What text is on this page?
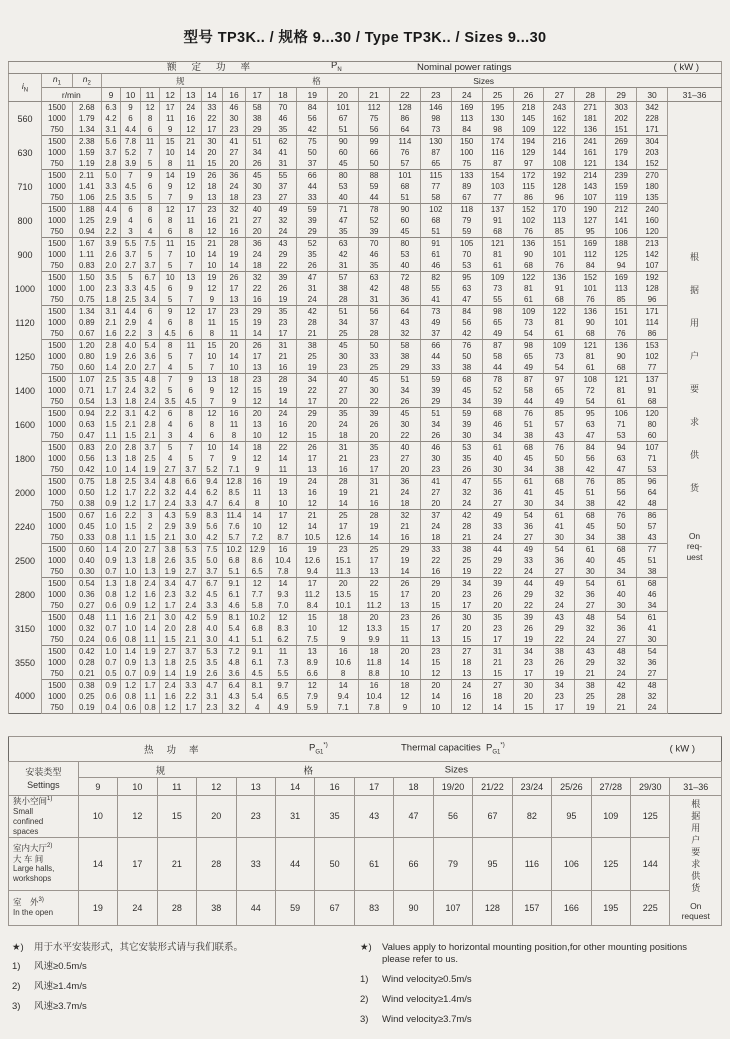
型号 TP3K.. / 规格 9...30 / Type TP3K.. / Sizes 9...30
额定功率 $P_N$ Nominal power ratings ( kW )																								

$i_N$	$n_1$	$n_2$	规 格 Sizes																					

	r/min		9	10	11	12	13	14	16	17	18	19	20	21	22	23	24	25	26	27	28	29	30	31–36
560	1500	2.68	6.3	9	12	17	24	33	46	58	70	84	101	112	128	146	169	195	218	243	271	303	342	
根
据
用
户
要
求
供
货
On
req-
uest

	1000	1.79	4.2	6	8	11	16	22	30	38	46	56	67	75	86	98	113	130	145	162	181	202	228	
	750	1.34	3.1	4.4	6	9	12	17	23	29	35	42	51	56	64	73	84	98	109	122	136	151	171	
630	1500	2.38	5.6	7.8	11	15	21	30	41	51	62	75	90	99	114	130	150	174	194	216	241	269	304	
	1000	1.59	3.7	5.2	7	10	14	20	27	34	41	50	60	66	76	87	100	116	129	144	161	179	203	
	750	1.19	2.8	3.9	5	8	11	15	20	26	31	37	45	50	57	65	75	87	97	108	121	134	152	
710	1500	2.11	5.0	7	9	14	19	26	36	45	55	66	80	88	101	115	133	154	172	192	214	239	270	
	1000	1.41	3.3	4.5	6	9	12	18	24	30	37	44	53	59	68	77	89	103	115	128	143	159	180	
	750	1.06	2.5	3.5	5	7	9	13	18	23	27	33	40	44	51	58	67	77	86	96	107	119	135	
800	1500	1.88	4.4	6	8	12	17	23	32	40	49	59	71	78	90	102	118	137	152	170	190	212	240	
	1000	1.25	2.9	4	6	8	11	16	21	27	32	39	47	52	60	68	79	91	102	113	127	141	160	
	750	0.94	2.2	3	4	6	8	12	16	20	24	29	35	39	45	51	59	68	76	85	95	106	120	
900	1500	1.67	3.9	5.5	7.5	11	15	21	28	36	43	52	63	70	80	91	105	121	136	151	169	188	213	
	1000	1.11	2.6	3.7	5	7	10	14	19	24	29	35	42	46	53	61	70	81	90	101	112	125	142	
	750	0.83	2.0	2.7	3.7	5	7	10	14	18	22	26	31	35	40	46	53	61	68	76	84	94	107	
1000	1500	1.50	3.5	5	6.7	10	13	19	26	32	39	47	57	63	72	82	95	109	122	136	152	169	192	
	1000	1.00	2.3	3.3	4.5	6	9	12	17	22	26	31	38	42	48	55	63	73	81	91	101	113	128	
	750	0.75	1.8	2.5	3.4	5	7	9	13	16	19	24	28	31	36	41	47	55	61	68	76	85	96	
1120	1500	1.34	3.1	4.4	6	9	12	17	23	29	35	42	51	56	64	73	84	98	109	122	136	151	171	
	1000	0.89	2.1	2.9	4	6	8	11	15	19	23	28	34	37	43	49	56	65	73	81	90	101	114	
	750	0.67	1.6	2.2	3	4.5	6	8	11	14	17	21	25	28	32	37	42	49	54	61	68	76	86	
1250	1500	1.20	2.8	4.0	5.4	8	11	15	20	26	31	38	45	50	58	66	76	87	98	109	121	136	153	
	1000	0.80	1.9	2.6	3.6	5	7	10	14	17	21	25	30	33	38	44	50	58	65	73	81	90	102	
	750	0.60	1.4	2.0	2.7	4	5	7	10	13	16	19	23	25	29	33	38	44	49	54	61	68	77	
1400	1500	1.07	2.5	3.5	4.8	7	9	13	18	23	28	34	40	45	51	59	68	78	87	97	108	121	137	
	1000	0.71	1.7	2.4	3.2	5	6	9	12	15	19	22	27	30	34	39	45	52	58	65	72	81	91	
	750	0.54	1.3	1.8	2.4	3.5	4.5	7	9	12	14	17	20	22	26	29	34	39	44	49	54	61	68	
1600	1500	0.94	2.2	3.1	4.2	6	8	12	16	20	24	29	35	39	45	51	59	68	76	85	95	106	120	
	1000	0.63	1.5	2.1	2.8	4	6	8	11	13	16	20	24	26	30	34	39	46	51	57	63	71	80	
	750	0.47	1.1	1.5	2.1	3	4	6	8	10	12	15	18	20	22	26	30	34	38	43	47	53	60	
1800	1500	0.83	2.0	2.8	3.7	5	7	10	14	18	22	26	31	35	40	46	53	61	68	76	84	94	107	
	1000	0.56	1.3	1.8	2.5	4	5	7	9	12	14	17	21	23	27	30	35	40	45	50	56	63	71	
	750	0.42	1.0	1.4	1.9	2.7	3.7	5.2	7.1	9	11	13	16	17	20	23	26	30	34	38	42	47	53	
2000	1500	0.75	1.8	2.5	3.4	4.8	6.6	9.4	12.8	16	19	24	28	31	36	41	47	55	61	68	76	85	96	
	1000	0.50	1.2	1.7	2.2	3.2	4.4	6.2	8.5	11	13	16	19	21	24	27	32	36	41	45	51	56	64	
	750	0.38	0.9	1.2	1.7	2.4	3.3	4.7	6.4	8	10	12	14	16	18	20	24	27	30	34	38	42	48	
2240	1500	0.67	1.6	2.2	3	4.3	5.9	8.3	11.4	14	17	21	25	28	32	37	42	49	54	61	68	76	86	
	1000	0.45	1.0	1.5	2	2.9	3.9	5.6	7.6	10	12	14	17	19	21	24	28	33	36	41	45	50	57	
	750	0.33	0.8	1.1	1.5	2.1	3.0	4.2	5.7	7.2	8.7	10.5	12.6	14	16	18	21	24	27	30	34	38	43	
2500	1500	0.60	1.4	2.0	2.7	3.8	5.3	7.5	10.2	12.9	16	19	23	25	29	33	38	44	49	54	61	68	77	
	1000	0.40	0.9	1.3	1.8	2.6	3.5	5.0	6.8	8.6	10.4	12.6	15.1	17	19	22	25	29	33	36	40	45	51	
	750	0.30	0.7	1.0	1.3	1.9	2.7	3.7	5.1	6.5	7.8	9.4	11.3	13	14	16	19	22	24	27	30	34	38	
2800	1500	0.54	1.3	1.8	2.4	3.4	4.7	6.7	9.1	12	14	17	20	22	26	29	34	39	44	49	54	61	68	
	1000	0.36	0.8	1.2	1.6	2.3	3.2	4.5	6.1	7.7	9.3	11.2	13.5	15	17	20	23	26	29	32	36	40	46	
	750	0.27	0.6	0.9	1.2	1.7	2.4	3.3	4.6	5.8	7.0	8.4	10.1	11.2	13	15	17	20	22	24	27	30	34	
3150	1500	0.48	1.1	1.6	2.1	3.0	4.2	5.9	8.1	10.2	12	15	18	20	23	26	30	35	39	43	48	54	61	
	1000	0.32	0.7	1.0	1.4	2.0	2.8	4.0	5.4	6.8	8.3	10	12	13.3	15	17	20	23	26	29	32	36	41	
	750	0.24	0.6	0.8	1.1	1.5	2.1	3.0	4.1	5.1	6.2	7.5	9	9.9	11	13	15	17	19	22	24	27	30	
3550	1500	0.42	1.0	1.4	1.9	2.7	3.7	5.3	7.2	9.1	11	13	16	18	20	23	27	31	34	38	43	48	54	
	1000	0.28	0.7	0.9	1.3	1.8	2.5	3.5	4.8	6.1	7.3	8.9	10.6	11.8	14	15	18	21	23	26	29	32	36	
	750	0.21	0.5	0.7	0.9	1.4	1.9	2.6	3.6	4.5	5.5	6.6	8	8.8	10	12	13	15	17	19	21	24	27	
4000	1500	0.38	0.9	1.2	1.7	2.4	3.3	4.7	6.4	8.1	9.7	12	14	16	18	20	24	27	30	34	38	42	48	
	1000	0.25	0.6	0.8	1.1	1.6	2.2	3.1	4.3	5.4	6.5	7.9	9.4	10.4	12	14	16	18	20	23	25	28	32	
	750	0.19	0.4	0.6	0.8	1.2	1.7	2.3	3.2	4	4.9	5.9	7.1	7.8	9	10	12	14	15	17	19	21	24	
热功率 $P_{G1}^{*)}$ Thermal capacities $P_{G1}^{*)}$ ( kW )																

安装类型
Settings

规	格	Sizes

	9	10	11	12	13	14	16	17	18	19/20	21/22	23/24	25/26	27/28	29/30	31–36

狭小空间$^{1)}$
Small
confined
spaces
	10	12	15	20	23	31	35	43	47	56	67	82	95	109	125	
根
据
用
户
要
求
供
货
On
request

室内大厅$^{2)}$
大 车 间
Large halls,
workshops	14	17	21	28	33	44	50	61	66	79	95	116	106	125	144	

室　外$^{3)}$
In the open	19	24	28	38	44	59	67	83	90	107	128	157	166	195	225	
★)	用于水平安装形式，其它安装形式请与我们联系。
1)	风速≥0.5m/s
2)	风速≥1.4m/s
3)	风速≥3.7m/s
★)	Values apply to horizontal mounting position,for other mounting positions please refer to us.
1)	Wind velocity≥0.5m/s
2)	Wind velocity≥1.4m/s
3)	Wind velocity≥3.7m/s
